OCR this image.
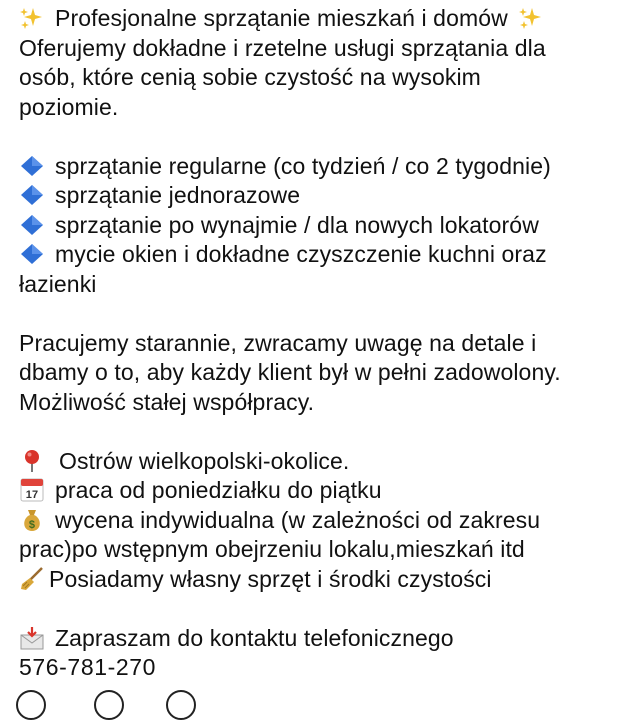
Profesjonalne sprzątanie mieszkań i domów
Oferujemy dokładne i rzetelne usługi sprzątania dla
osób, które cenią sobie czystość na wysokim
poziomie.
sprzątanie regularne (co tydzień / co 2 tygodnie)
sprzątanie jednorazowe
sprzątanie po wynajmie / dla nowych lokatorów
mycie okien i dokładne czyszczenie kuchni oraz
łazienki
Pracujemy starannie, zwracamy uwagę na detale i
dbamy o to, aby każdy klient był w pełni zadowolony.
Możliwość stałej współpracy.
Ostrów wielkopolski-okolice.
17 praca od poniedziałku do piątku
$ wycena indywidualna (w zależności od zakresu
prac)po wstępnym obejrzeniu lokalu,mieszkań itd
Posiadamy własny sprzęt i środki czystości
Zapraszam do kontaktu telefonicznego
576-781-270
